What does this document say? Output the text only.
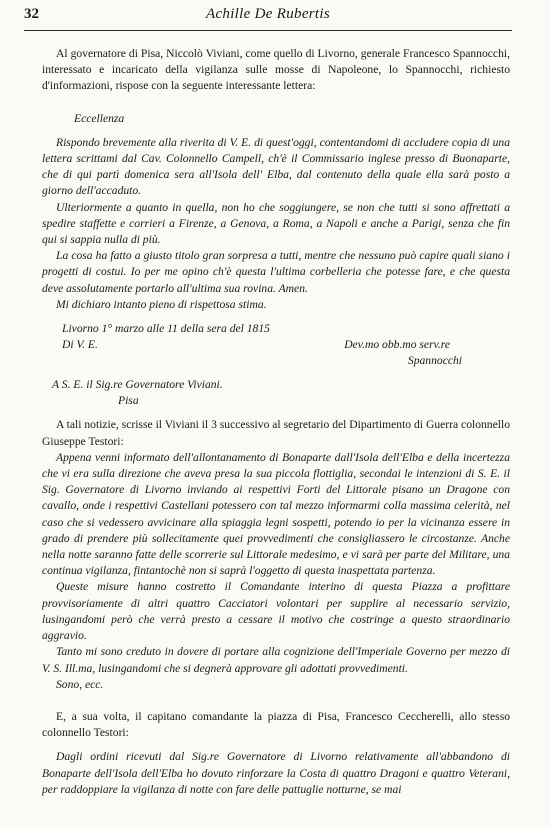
32	Achille De Rubertis

Al governatore di Pisa, Niccolò Viviani, come quello di Livorno, generale Francesco Spannocchi, interessato e incaricato della vigilanza sulle mosse di Napoleone, lo Spannocchi, richiesto d'informazioni, rispose con la seguente interessante lettera:

Eccellenza

Rispondo brevemente alla riverita di V. E. di quest'oggi, contentandomi di accludere copia di una lettera scrittami dal Cav. Colonnello Campell, ch'è il Commissario inglese presso di Buonaparte, che di qui partì domenica sera all'Isola dell' Elba, dal contenuto della quale ella sarà posto a giorno dell'accaduto.

Ulteriormente a quanto in quella, non ho che soggiungere, se non che tutti si sono affrettati a spedire staffette e corrieri a Firenze, a Genova, a Roma, a Napoli e anche a Parigi, senza che fin qui si sappia nulla di più.

La cosa ha fatto a giusto titolo gran sorpresa a tutti, mentre che nessuno può capire quali siano i progetti di costui. Io per me opino ch'è questa l'ultima corbelleria che potesse fare, e che questa deve assolutamente portarlo all'ultima sua rovina. Amen.

Mi dichiaro intanto pieno di rispettosa stima.

Livorno 1° marzo alle 11 della sera del 1815
Di V. E.	Dev.mo obb.mo serv.re
Spannocchi

A S. E. il Sig.re Governatore Viviani.

Pisa

A tali notizie, scrisse il Viviani il 3 successivo al segretario del Dipartimento di Guerra colonnello Giuseppe Testori:

Appena venni informato dell'allontanamento di Bonaparte dall'Isola dell'Elba e della incertezza che vi era sulla direzione che aveva presa la sua piccola flottiglia, secondai le intenzioni di S. E. il Sig. Governatore di Livorno inviando ai respettivi Forti del Littorale pisano un Dragone con cavallo, onde i respettivi Castellani potessero con tal mezzo informarmi colla massima celerità, nel caso che si vedessero avvicinare alla spiaggia legni sospetti, potendo io per la vicinanza essere in grado di prendere più sollecitamente quei provvedimenti che consigliassero le circostanze. Anche nella notte saranno fatte delle scorrerie sul Littorale medesimo, e vi sarà per parte del Militare, una continua vigilanza, fintantochè non si saprà l'oggetto di questa inaspettata partenza.

Queste misure hanno costretto il Comandante interino di questa Piazza a profittare provvisoriamente di altri quattro Cacciatori volontari per supplire al necessario servizio, lusingandomi però che verrà presto a cessare il motivo che costringe a questo straordinario aggravio.

Tanto mi sono creduto in dovere di portare alla cognizione dell'Imperiale Governo per mezzo di V. S. Ill.ma, lusingandomi che si degnerà approvare gli adottati provvedimenti.

Sono, ecc.

E, a sua volta, il capitano comandante la piazza di Pisa, Francesco Ceccherelli, allo stesso colonnello Testori:

Dagli ordini ricevuti dal Sig.re Governatore di Livorno relativamente all'abbandono di Bonaparte dell'Isola dell'Elba ho dovuto rinforzare la Costa di quattro Dragoni e quattro Veterani, per raddoppiare la vigilanza di notte con fare delle pattuglie notturne, se mai
